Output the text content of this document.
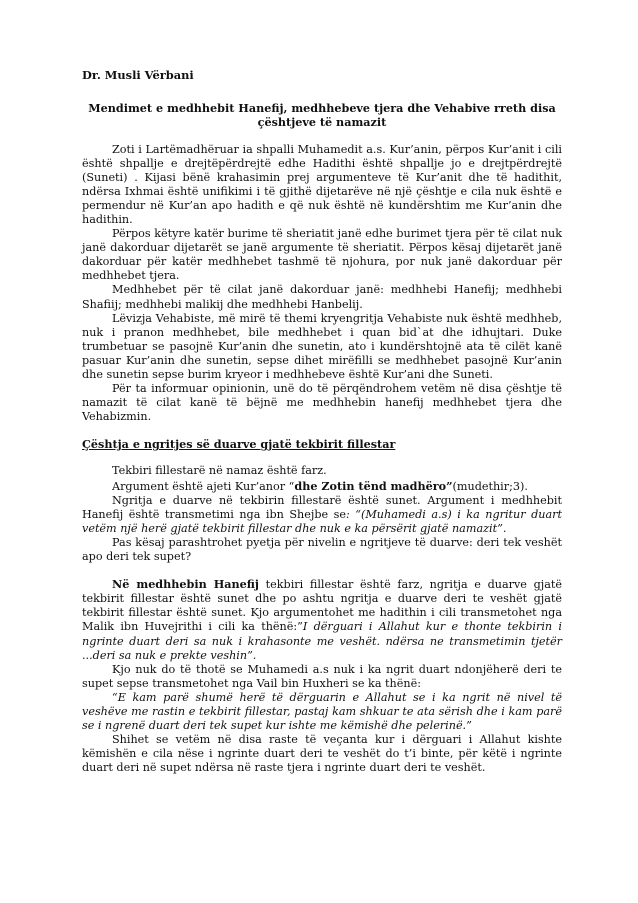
Dr. Musli Vërbani
Mendimet e medhhebit Hanefij, medhhebeve tjera dhe Vehabive rreth disa çështjeve të namazit

Zoti i Lartëmadhëruar ia shpalli Muhamedit a.s. Kur’anin, përpos Kur’anit i cili është shpallje e drejtëpërdrejtë edhe Hadithi është shpallje jo e drejtpërdrejtë (Suneti) . Kijasi bënë krahasimin prej argumenteve të Kur’anit dhe të hadithit, ndërsa Ixhmai është unifikimi i të gjithë dijetarëve në një çështje e cila nuk është e permendur në Kur’an apo hadith e që nuk është në kundërshtim me Kur’anin dhe hadithin.

Përpos këtyre katër burime të sheriatit janë edhe burimet tjera për të cilat nuk janë dakorduar dijetarët se janë argumente të sheriatit. Përpos kësaj dijetarët janë dakorduar për katër medhhebet tashmë të njohura, por nuk janë dakorduar për medhhebet tjera.

Medhhebet për të cilat janë dakorduar janë: medhhebi Hanefij; medhhebi Shafiij; medhhebi malikij dhe medhhebi Hanbelij.

Lëvizja Vehabiste, më mirë të themi kryengritja Vehabiste nuk është medhheb, nuk i pranon medhhebet, bile medhhebet i quan bid`at dhe idhujtari. Duke trumbetuar se pasojnë Kur’anin dhe sunetin, ato i kundërshtojnë ata të cilët kanë pasuar Kur’anin dhe sunetin, sepse dihet mirëfilli se medhhebet pasojnë Kur’anin dhe sunetin sepse burim kryeor i medhhebeve është Kur’ani dhe Suneti.

Për ta informuar opinionin, unë do të përqëndrohem vetëm në disa çështje të namazit të cilat kanë të bëjnë me medhhebin hanefij medhhebet tjera dhe Vehabizmin.

Çështja e ngritjes së duarve gjatë tekbirit fillestar

Tekbiri fillestarë në namaz është farz.

Argument është ajeti Kur’anor “dhe Zotin tënd madhëro”(mudethir;3).

Ngritja e duarve në tekbirin fillestarë është sunet. Argument i medhhebit Hanefij është transmetimi nga ibn Shejbe se: “(Muhamedi a.s) i ka ngritur duart vetëm një herë gjatë tekbirit fillestar dhe nuk e ka përsërit gjatë namazit”.

Pas kësaj parashtrohet pyetja për nivelin e ngritjeve të duarve: deri tek veshët apo deri tek supet?

Në medhhebin Hanefij tekbiri fillestar është farz, ngritja e duarve gjatë tekbirit fillestar është sunet dhe po ashtu ngritja e duarve deri te veshët gjatë tekbirit fillestar është sunet. Kjo argumentohet me hadithin i cili transmetohet nga Malik ibn Huvejrithi i cili ka thënë:”I dërguari i Allahut kur e thonte tekbirin i ngrinte duart deri sa nuk i krahasonte me veshët. ndërsa ne transmetimin tjetër ...deri sa nuk e prekte veshin”.

Kjo nuk do të thotë se Muhamedi a.s nuk i ka ngrit duart ndonjëherë deri te supet sepse transmetohet nga Vail bin Huxheri se ka thënë:

“E kam parë shumë herë të dërguarin e Allahut se i ka ngrit në nivel të veshëve me rastin e tekbirit fillestar, pastaj kam shkuar te ata sërish dhe i kam parë se i ngrenë duart deri tek supet kur ishte me këmishë dhe pelerinë.”

Shihet se vetëm në disa raste të veçanta kur i dërguari i Allahut kishte këmishën e cila nëse i ngrinte duart deri te veshët do t’i binte, për këtë i ngrinte duart deri në supet ndërsa në raste tjera i ngrinte duart deri te veshët.
